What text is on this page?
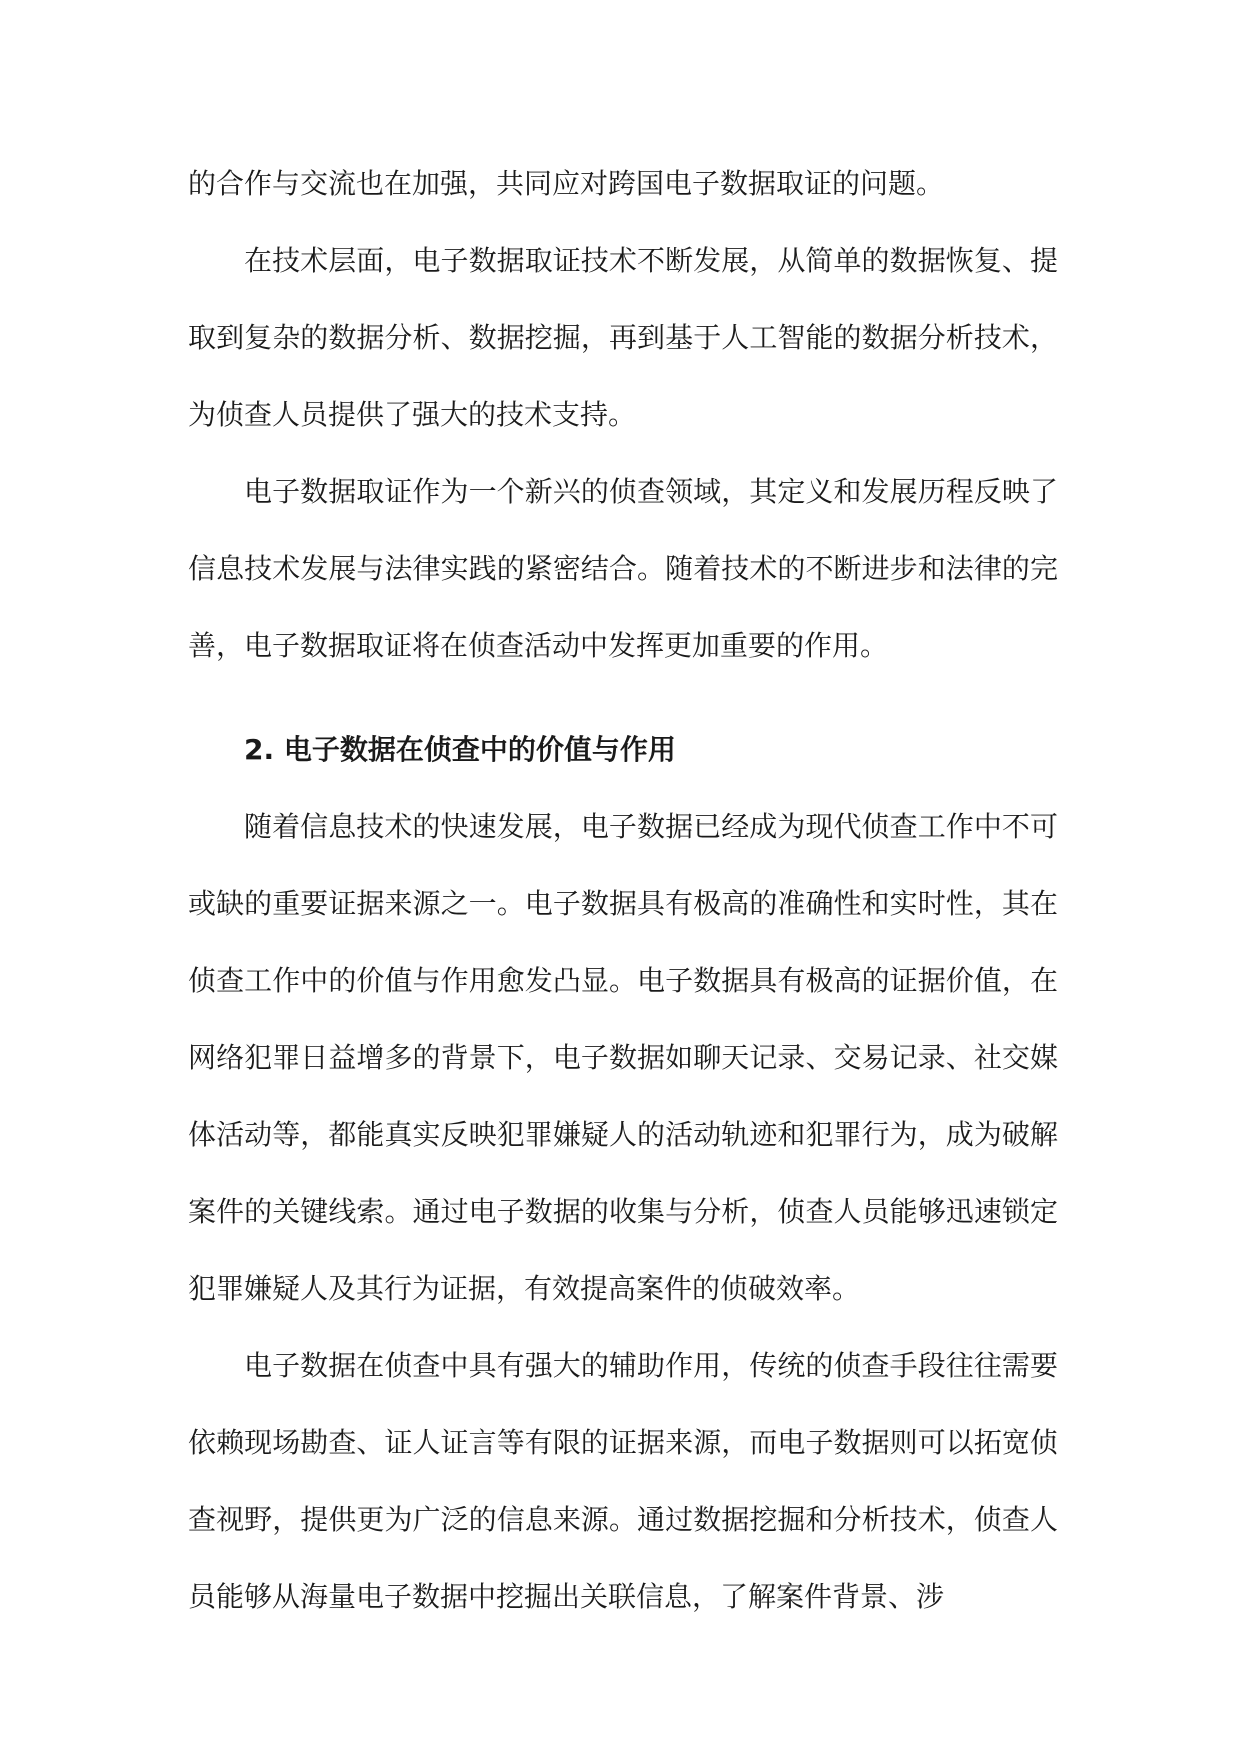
的合作与交流也在加强，共同应对跨国电子数据取证的问题。

在技术层面，电子数据取证技术不断发展，从简单的数据恢复、提取到复杂的数据分析、数据挖掘，再到基于人工智能的数据分析技术，为侦查人员提供了强大的技术支持。

电子数据取证作为一个新兴的侦查领域，其定义和发展历程反映了信息技术发展与法律实践的紧密结合。随着技术的不断进步和法律的完善，电子数据取证将在侦查活动中发挥更加重要的作用。

2. 电子数据在侦查中的价值与作用

随着信息技术的快速发展，电子数据已经成为现代侦查工作中不可或缺的重要证据来源之一。电子数据具有极高的准确性和实时性，其在侦查工作中的价值与作用愈发凸显。电子数据具有极高的证据价值，在网络犯罪日益增多的背景下，电子数据如聊天记录、交易记录、社交媒体活动等，都能真实反映犯罪嫌疑人的活动轨迹和犯罪行为，成为破解案件的关键线索。通过电子数据的收集与分析，侦查人员能够迅速锁定犯罪嫌疑人及其行为证据，有效提高案件的侦破效率。

电子数据在侦查中具有强大的辅助作用，传统的侦查手段往往需要依赖现场勘查、证人证言等有限的证据来源，而电子数据则可以拓宽侦查视野，提供更为广泛的信息来源。通过数据挖掘和分析技术，侦查人员能够从海量电子数据中挖掘出关联信息，了解案件背景、涉
